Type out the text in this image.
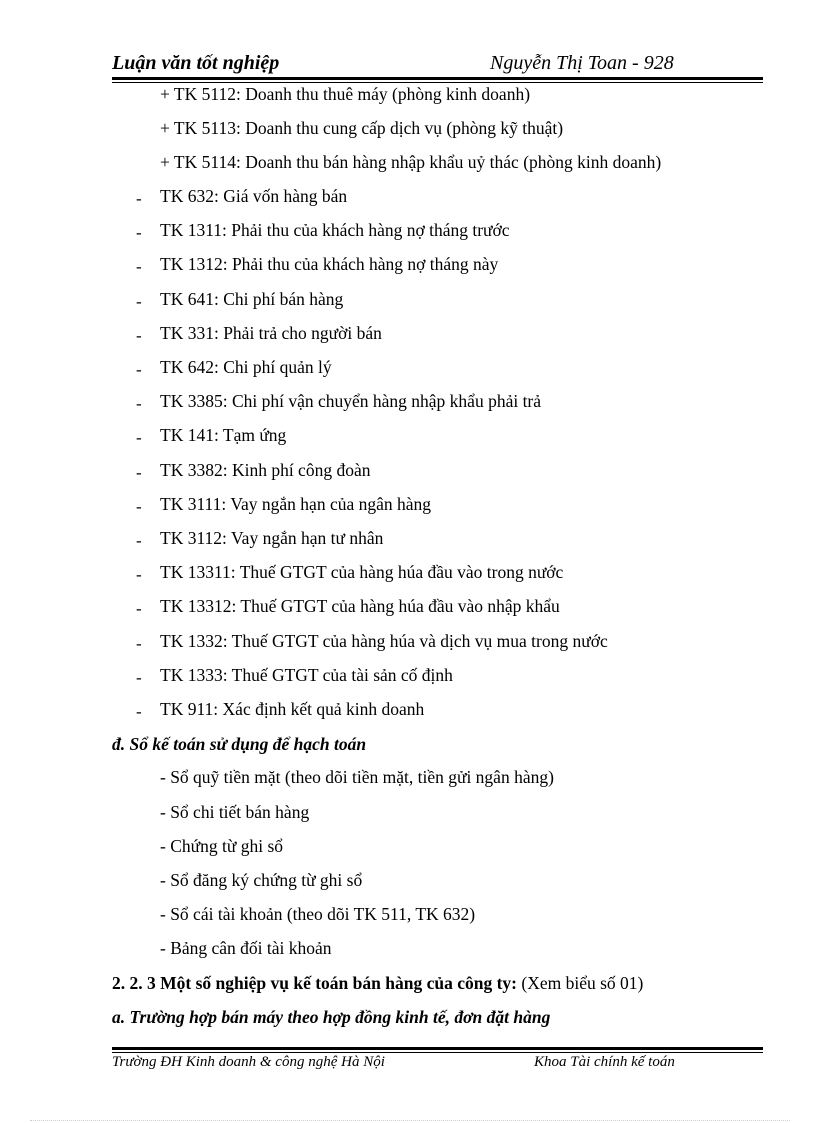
Luận văn tốt nghiệp	Nguyễn Thị Toan - 928
+ TK 5112: Doanh thu thuê máy (phòng kinh doanh)
+ TK 5113: Doanh thu cung cấp dịch vụ (phòng kỹ thuật)
+ TK 5114: Doanh thu bán hàng nhập khẩu uỷ thác (phòng kinh doanh)
‐ TK 632: Giá vốn hàng bán
‐ TK 1311: Phải thu của khách hàng nợ tháng trước
‐ TK 1312: Phải thu của khách hàng nợ tháng này
‐ TK 641: Chi phí bán hàng
‐ TK 331: Phải trả cho người bán
‐ TK 642: Chi phí quản lý
‐ TK 3385: Chi phí vận chuyển hàng nhập khẩu phải trả
‐ TK 141: Tạm ứng
‐ TK 3382: Kinh phí công đoàn
‐ TK 3111: Vay ngắn hạn của ngân hàng
‐ TK 3112: Vay ngắn hạn tư nhân
‐ TK 13311: Thuế GTGT của hàng húa đầu vào trong nước
‐ TK 13312: Thuế GTGT của hàng húa đầu vào nhập khẩu
‐ TK 1332: Thuế GTGT của hàng húa và dịch vụ mua trong nước
‐ TK 1333: Thuế GTGT của tài sản cố định
‐ TK 911: Xác định kết quả kinh doanh
đ. Sổ kế toán sử dụng để hạch toán
- Sổ quỹ tiền mặt (theo dõi tiền mặt, tiền gửi ngân hàng)
- Sổ chi tiết bán hàng
- Chứng từ ghi sổ
- Sổ đăng ký chứng từ ghi sổ
- Sổ cái tài khoản (theo dõi TK 511, TK 632)
- Bảng cân đối tài khoản
2. 2. 3 Một số nghiệp vụ kế toán bán hàng của công ty: (Xem biểu số 01)
a. Trường hợp bán máy theo hợp đồng kinh tế, đơn đặt hàng
Trường ĐH Kinh doanh & công nghệ Hà Nội	Khoa Tài chính kế toán
